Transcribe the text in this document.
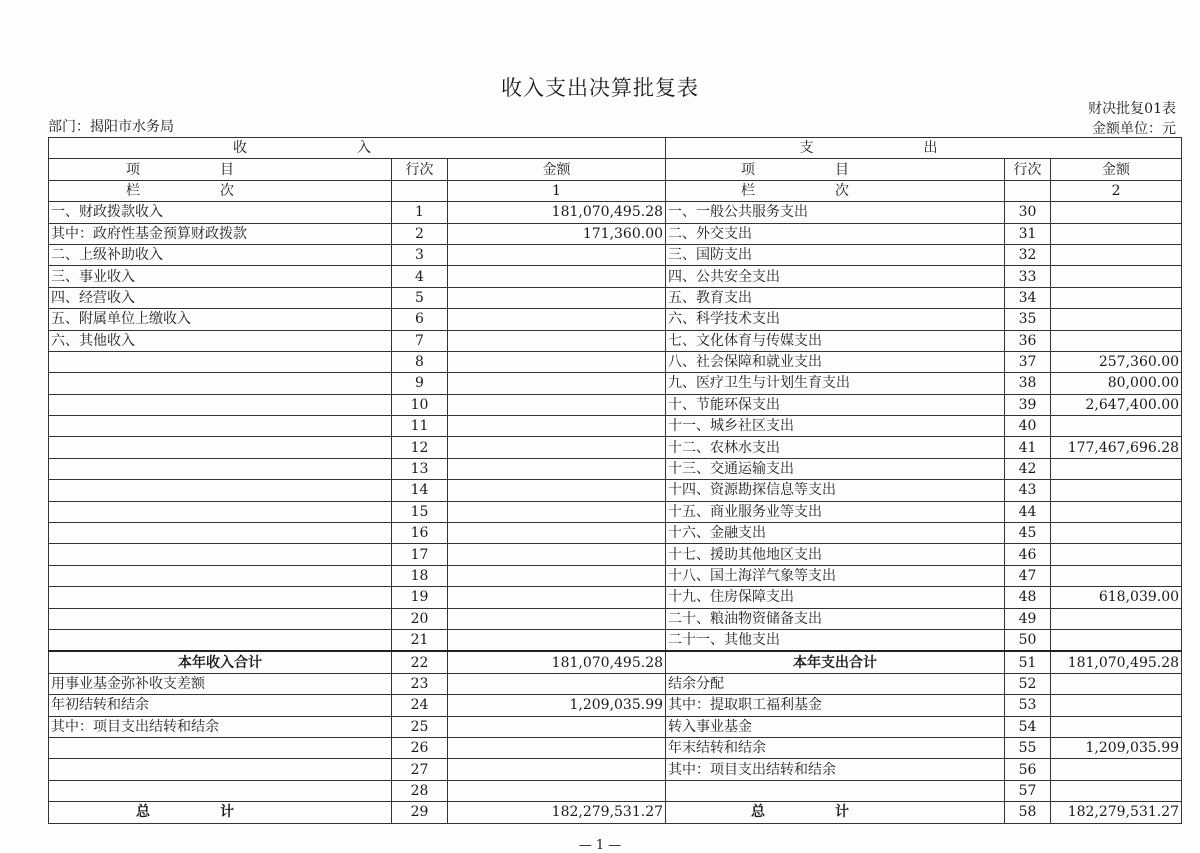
收入支出决算批复表
财决批复01表
部门：揭阳市水务局	金额单位：元
收入			支出		
项目	行次	金额	项目	行次	金额
栏次		1	栏次		2
一、财政拨款收入	1	181,070,495.28	一、一般公共服务支出	30	
其中：政府性基金预算财政拨款	2	171,360.00	二、外交支出	31	
二、上级补助收入	3		三、国防支出	32	
三、事业收入	4		四、公共安全支出	33	
四、经营收入	5		五、教育支出	34	
五、附属单位上缴收入	6		六、科学技术支出	35	
六、其他收入	7		七、文化体育与传媒支出	36	
	8		八、社会保障和就业支出	37	257,360.00
	9		九、医疗卫生与计划生育支出	38	80,000.00
	10		十、节能环保支出	39	2,647,400.00
	11		十一、城乡社区支出	40	
	12		十二、农林水支出	41	177,467,696.28
	13		十三、交通运输支出	42	
	14		十四、资源勘探信息等支出	43	
	15		十五、商业服务业等支出	44	
	16		十六、金融支出	45	
	17		十七、援助其他地区支出	46	
	18		十八、国土海洋气象等支出	47	
	19		十九、住房保障支出	48	618,039.00
	20		二十、粮油物资储备支出	49	
	21		二十一、其他支出	50	
本年收入合计	22	181,070,495.28	本年支出合计	51	181,070,495.28
用事业基金弥补收支差额	23		结余分配	52	
年初结转和结余	24	1,209,035.99	其中：提取职工福利基金	53	
其中：项目支出结转和结余	25		转入事业基金	54	
	26		年末结转和结余	55	1,209,035.99
	27		其中：项目支出结转和结余	56	
	28			57	
总计	29	182,279,531.27	总计	58	182,279,531.27
— 1 —
